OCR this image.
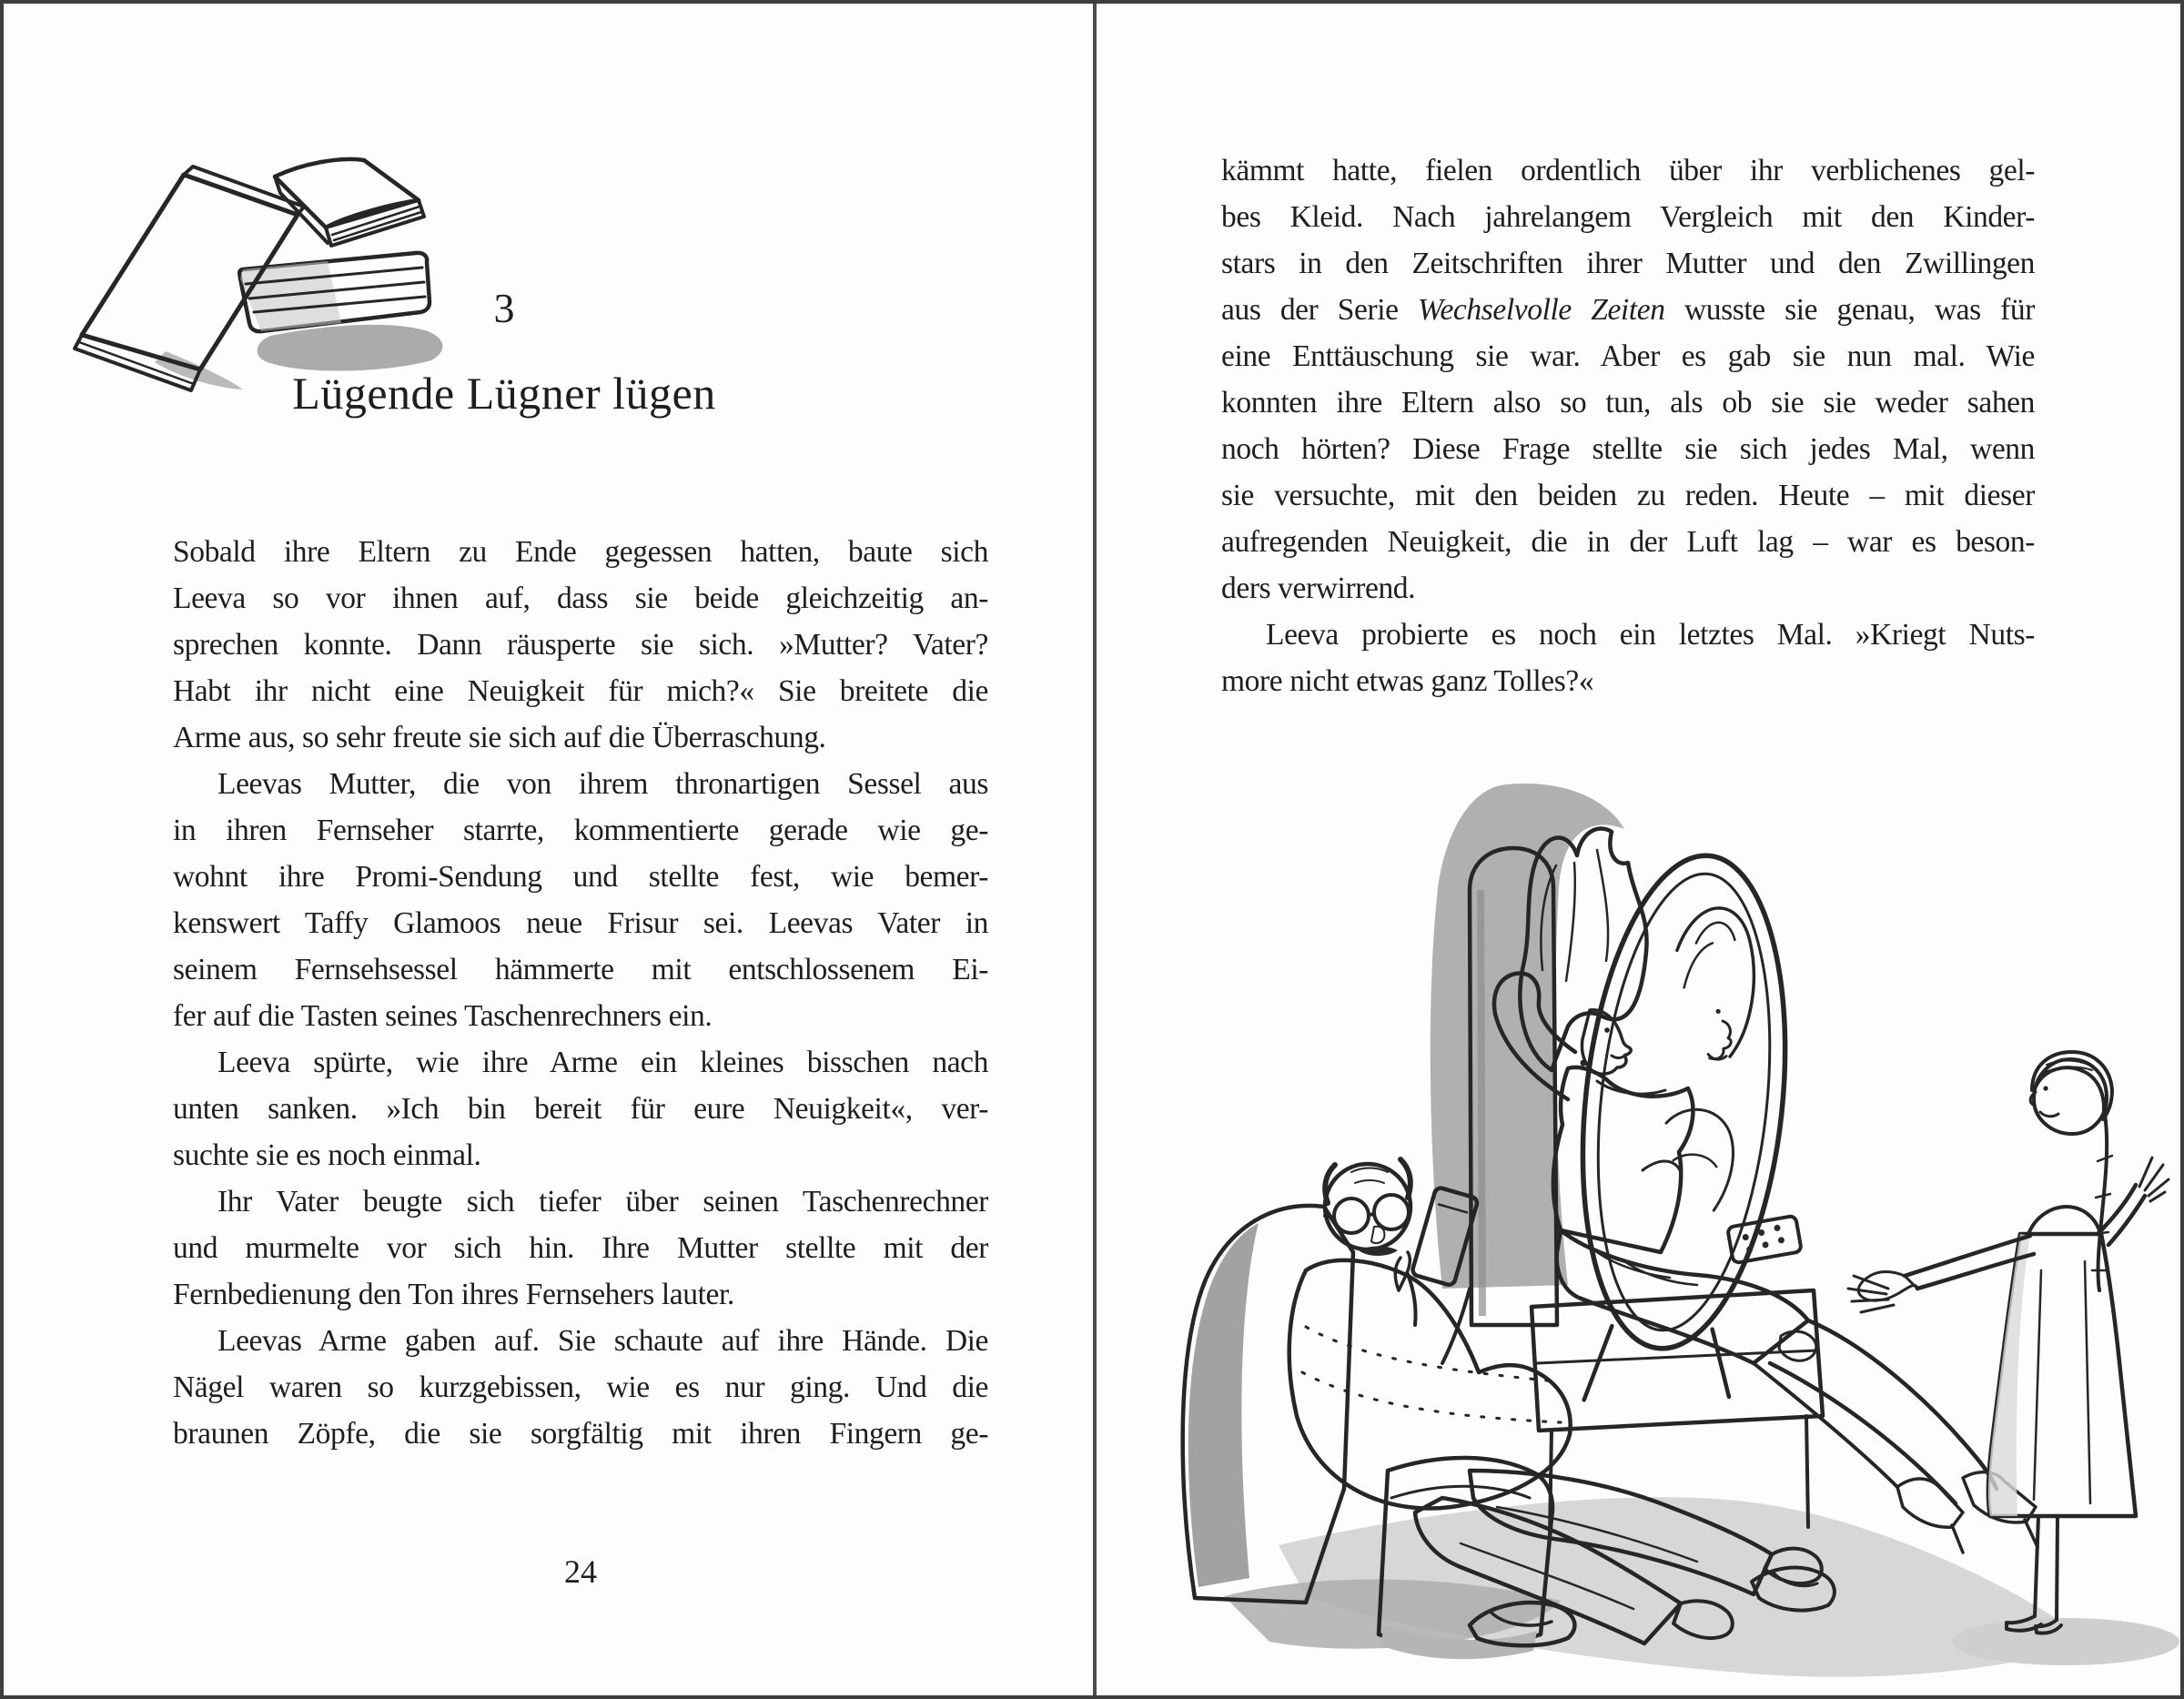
3
Lügende Lügner lügen
Sobald ihre Eltern zu Ende gegessen hatten, baute sich
Leeva so vor ihnen auf, dass sie beide gleichzeitig an-
sprechen konnte. Dann räusperte sie sich. »Mutter? Vater?
Habt ihr nicht eine Neuigkeit für mich?« Sie breitete die
Arme aus, so sehr freute sie sich auf die Überraschung.
Leevas Mutter, die von ihrem thronartigen Sessel aus
in ihren Fernseher starrte, kommentierte gerade wie ge-
wohnt ihre Promi-Sendung und stellte fest, wie bemer-
kenswert Taffy Glamoos neue Frisur sei. Leevas Vater in
seinem Fernsehsessel hämmerte mit entschlossenem Ei-
fer auf die Tasten seines Taschenrechners ein.
Leeva spürte, wie ihre Arme ein kleines bisschen nach
unten sanken. »Ich bin bereit für eure Neuigkeit«, ver-
suchte sie es noch einmal.
Ihr Vater beugte sich tiefer über seinen Taschenrechner
und murmelte vor sich hin. Ihre Mutter stellte mit der
Fernbedienung den Ton ihres Fernsehers lauter.
Leevas Arme gaben auf. Sie schaute auf ihre Hände. Die
Nägel waren so kurzgebissen, wie es nur ging. Und die
braunen Zöpfe, die sie sorgfältig mit ihren Fingern ge-
24
kämmt hatte, fielen ordentlich über ihr verblichenes gel-
bes Kleid. Nach jahrelangem Vergleich mit den Kinder-
stars in den Zeitschriften ihrer Mutter und den Zwillingen
aus der Serie Wechselvolle Zeiten wusste sie genau, was für
eine Enttäuschung sie war. Aber es gab sie nun mal. Wie
konnten ihre Eltern also so tun, als ob sie sie weder sahen
noch hörten? Diese Frage stellte sie sich jedes Mal, wenn
sie versuchte, mit den beiden zu reden. Heute – mit dieser
aufregenden Neuigkeit, die in der Luft lag – war es beson-
ders verwirrend.
Leeva probierte es noch ein letztes Mal. »Kriegt Nuts-
more nicht etwas ganz Tolles?«
